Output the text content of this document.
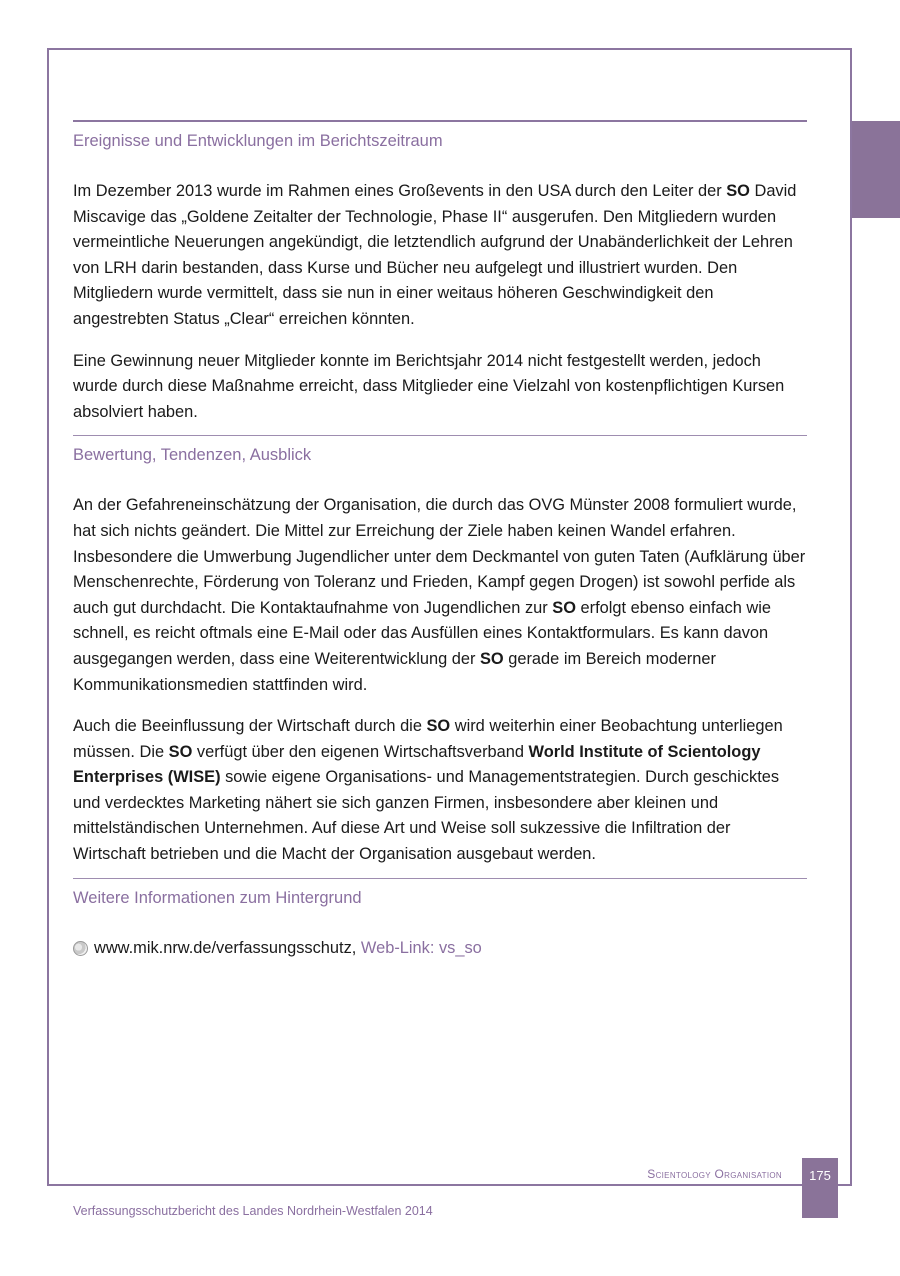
Ereignisse und Entwicklungen im Berichtszeitraum

Im Dezember 2013 wurde im Rahmen eines Großevents in den USA durch den Leiter der SO David Miscavige das „Goldene Zeitalter der Technologie, Phase II“ ausgerufen. Den Mitgliedern wurden vermeintliche Neuerungen angekündigt, die letztendlich aufgrund der Unabänderlichkeit der Lehren von LRH darin bestanden, dass Kurse und Bücher neu aufgelegt und illustriert wurden. Den Mitgliedern wurde vermittelt, dass sie nun in einer weitaus höheren Geschwindigkeit den angestrebten Status „Clear“ erreichen könnten.

Eine Gewinnung neuer Mitglieder konnte im Berichtsjahr 2014 nicht festgestellt werden, jedoch wurde durch diese Maßnahme erreicht, dass Mitglieder eine Vielzahl von kostenpflichtigen Kursen absolviert haben.

Bewertung, Tendenzen, Ausblick

An der Gefahreneinschätzung der Organisation, die durch das OVG Münster 2008 formuliert wurde, hat sich nichts geändert. Die Mittel zur Erreichung der Ziele haben keinen Wandel erfahren. Insbesondere die Umwerbung Jugendlicher unter dem Deckmantel von guten Taten (Aufklärung über Menschenrechte, Förderung von Toleranz und Frieden, Kampf gegen Drogen) ist sowohl perfide als auch gut durchdacht. Die Kontaktaufnahme von Jugendlichen zur SO erfolgt ebenso einfach wie schnell, es reicht oftmals eine E-Mail oder das Ausfüllen eines Kontaktformulars. Es kann davon ausgegangen werden, dass eine Weiterentwicklung der SO gerade im Bereich moderner Kommunikationsmedien stattfinden wird.

Auch die Beeinflussung der Wirtschaft durch die SO wird weiterhin einer Beobachtung unterliegen müssen. Die SO verfügt über den eigenen Wirtschaftsverband World Institute of Scientology Enterprises (WISE) sowie eigene Organisations- und Managementstrategien. Durch geschicktes und verdecktes Marketing nähert sie sich ganzen Firmen, insbesondere aber kleinen und mittelständischen Unternehmen. Auf diese Art und Weise soll sukzessive die Infiltration der Wirtschaft betrieben und die Macht der Organisation ausgebaut werden.

Weitere Informationen zum Hintergrund
www.mik.nrw.de/verfassungsschutz,
Web-Link: vs_so
Scientology Organisation	175
Verfassungsschutzbericht des Landes Nordrhein-Westfalen 2014
